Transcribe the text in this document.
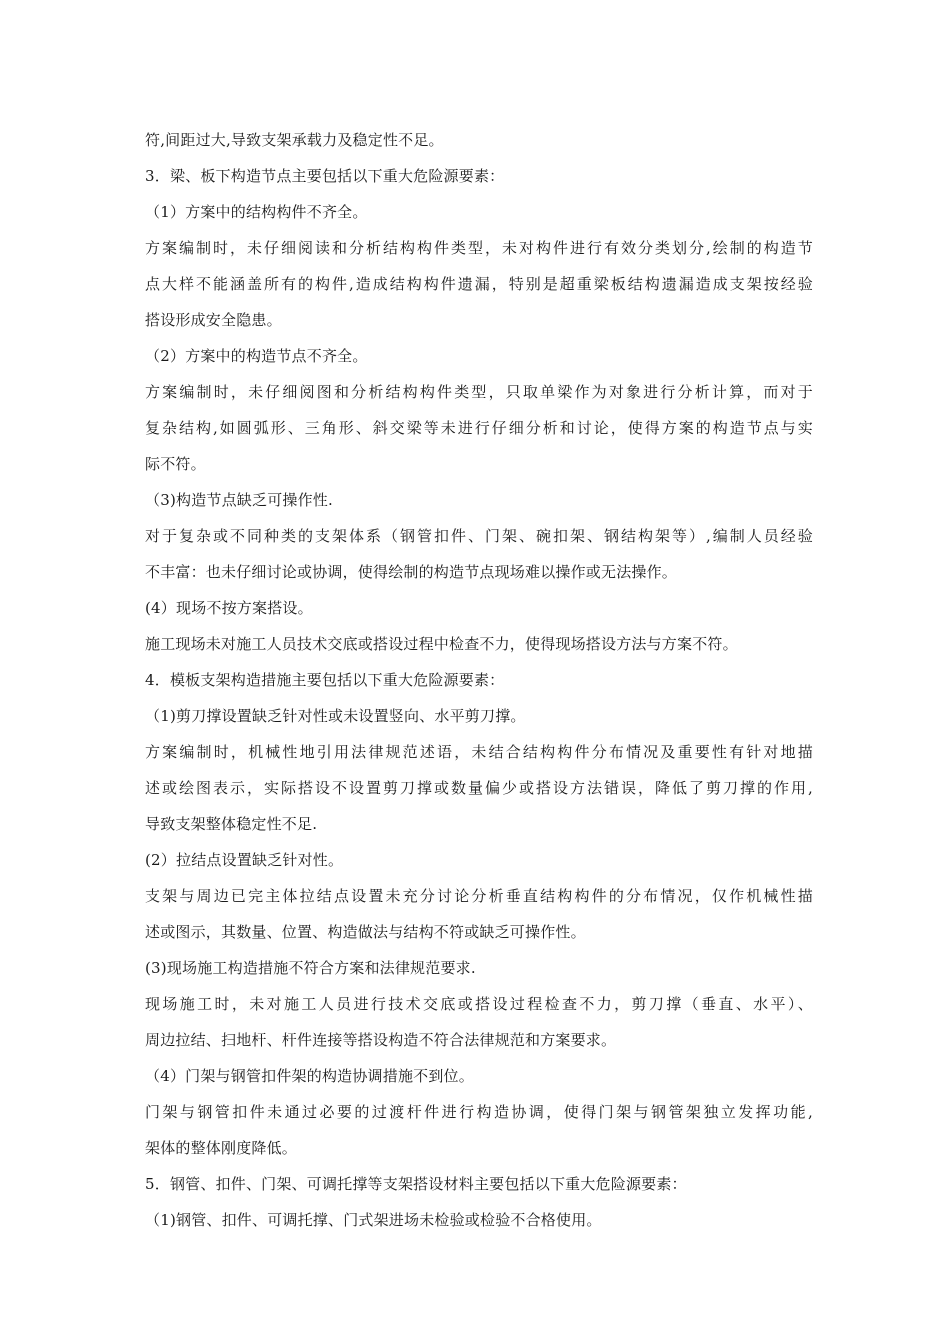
符,间距过大,导致支架承载力及稳定性不足。
3．梁、板下构造节点主要包括以下重大危险源要素：
（1）方案中的结构构件不齐全。
方案编制时，未仔细阅读和分析结构构件类型，未对构件进行有效分类划分,绘制的构造节
点大样不能涵盖所有的构件,造成结构构件遗漏，特别是超重梁板结构遗漏造成支架按经验
搭设形成安全隐患。
（2）方案中的构造节点不齐全。
方案编制时，未仔细阅图和分析结构构件类型，只取单梁作为对象进行分析计算，而对于
复杂结构,如圆弧形、三角形、斜交梁等未进行仔细分析和讨论，使得方案的构造节点与实
际不符。
（3)构造节点缺乏可操作性.
对于复杂或不同种类的支架体系（钢管扣件、门架、碗扣架、钢结构架等）,编制人员经验
不丰富：也未仔细讨论或协调，使得绘制的构造节点现场难以操作或无法操作。
(4）现场不按方案搭设。
施工现场未对施工人员技术交底或搭设过程中检查不力，使得现场搭设方法与方案不符。
4．模板支架构造措施主要包括以下重大危险源要素：
（1)剪刀撑设置缺乏针对性或未设置竖向、水平剪刀撑。
方案编制时，机械性地引用法律规范述语，未结合结构构件分布情况及重要性有针对地描
述或绘图表示，实际搭设不设置剪刀撑或数量偏少或搭设方法错误，降低了剪刀撑的作用,
导致支架整体稳定性不足.
(2）拉结点设置缺乏针对性。
支架与周边已完主体拉结点设置未充分讨论分析垂直结构构件的分布情况，仅作机械性描
述或图示，其数量、位置、构造做法与结构不符或缺乏可操作性。
(3)现场施工构造措施不符合方案和法律规范要求.
现场施工时，未对施工人员进行技术交底或搭设过程检查不力，剪刀撑（垂直、水平）、
周边拉结、扫地杆、杆件连接等搭设构造不符合法律规范和方案要求。
（4）门架与钢管扣件架的构造协调措施不到位。
门架与钢管扣件未通过必要的过渡杆件进行构造协调，使得门架与钢管架独立发挥功能,
架体的整体刚度降低。
5．钢管、扣件、门架、可调托撑等支架搭设材料主要包括以下重大危险源要素：
（1)钢管、扣件、可调托撑、门式架进场未检验或检验不合格使用。
